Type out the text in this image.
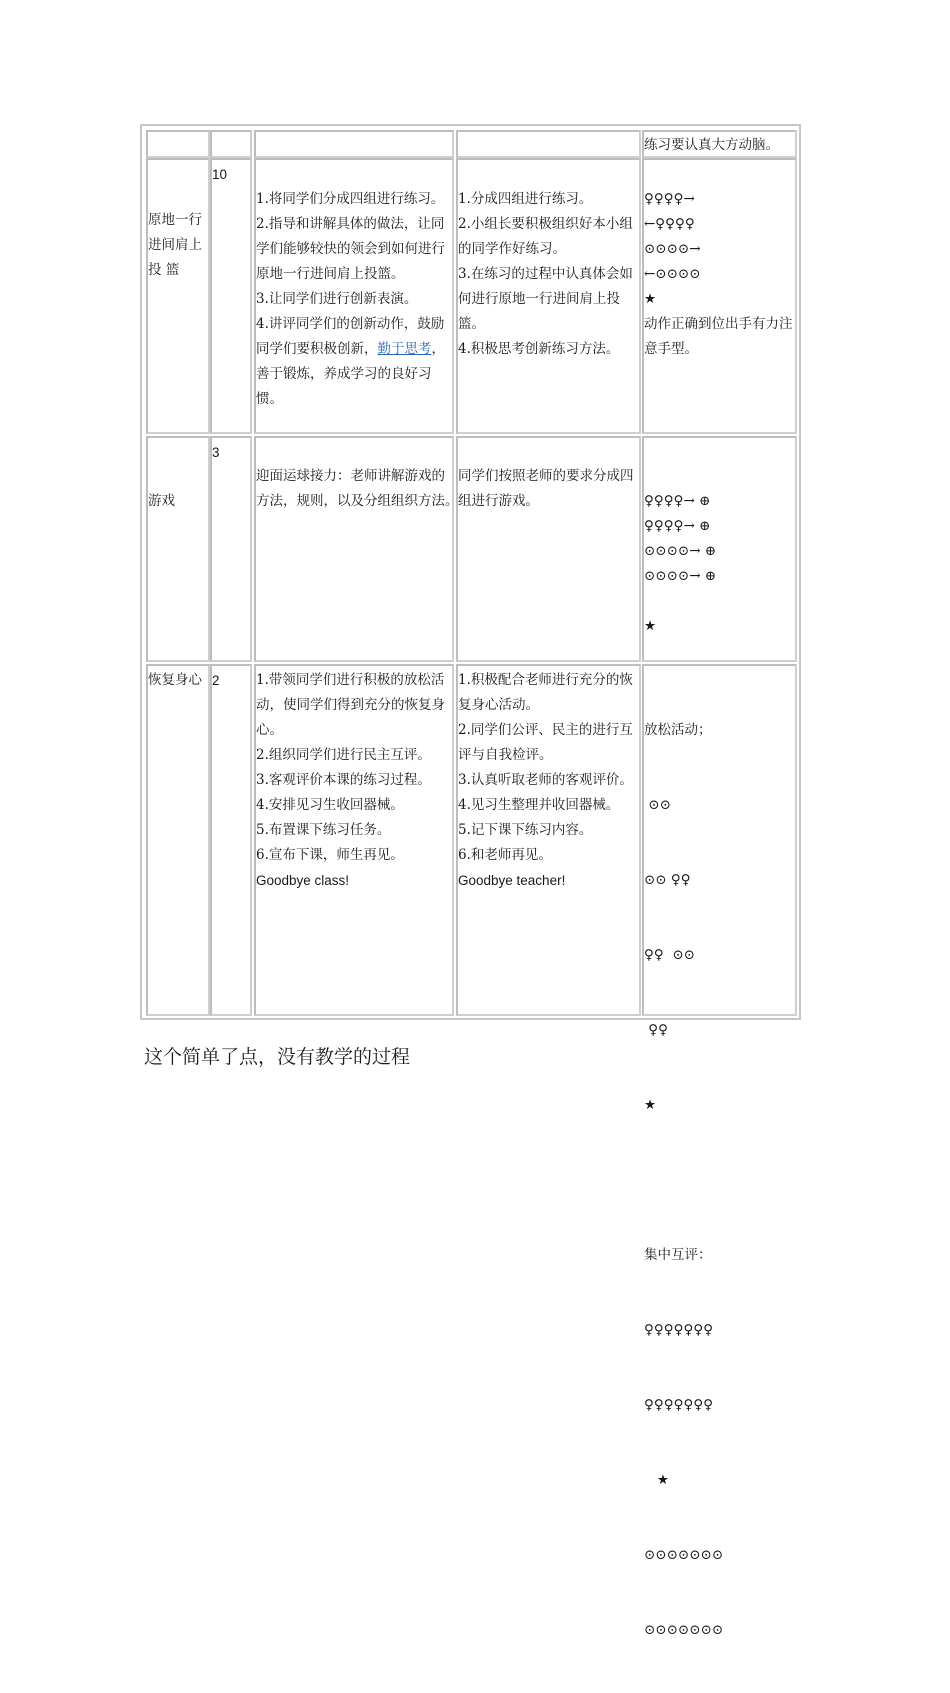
练习要认真大方动脑。
原地一行
进间肩上
投 篮
10
1.将同学们分成四组进行练习。
2.指导和讲解具体的做法，让同
学们能够较快的领会到如何进行
原地一行进间肩上投篮。
3.让同学们进行创新表演。
4.讲评同学们的创新动作，鼓励
同学们要积极创新，勤于思考，
善于锻炼，养成学习的良好习
惯。
1.分成四组进行练习。
2.小组长要积极组织好本小组
的同学作好练习。
3.在练习的过程中认真体会如
何进行原地一行进间肩上投
篮。
4.积极思考创新练习方法。
♀♀♀♀→
←♀♀♀♀
⊙⊙⊙⊙→
←⊙⊙⊙⊙
★
动作正确到位出手有力注
意手型。
游戏
3
迎面运球接力：老师讲解游戏的
方法，规则，以及分组组织方法。
同学们按照老师的要求分成四
组进行游戏。	♀♀♀♀→ ⊕
♀♀♀♀→ ⊕
⊙⊙⊙⊙→ ⊕
⊙⊙⊙⊙→ ⊕
★
恢复身心 2	1.带领同学们进行积极的放松活
动，使同学们得到充分的恢复身
心。
2.组织同学们进行民主互评。
3.客观评价本课的练习过程。
4.安排见习生收回器械。
5.布置课下练习任务。
6.宣布下课，师生再见。
Goodbye class!
1.积极配合老师进行充分的恢
复身心活动。
2.同学们公评、民主的进行互
评与自我检评。
3.认真听取老师的客观评价。
4.见习生整理并收回器械。
5.记下课下练习内容。
6.和老师再见。
Goodbye teacher!

放松活动；

⊙⊙

⊙⊙ ♀♀

♀♀  ⊙⊙

♀♀

★

集中互评：

♀♀♀♀♀♀♀

♀♀♀♀♀♀♀

★

⊙⊙⊙⊙⊙⊙⊙

⊙⊙⊙⊙⊙⊙⊙

这个简单了点，没有教学的过程
